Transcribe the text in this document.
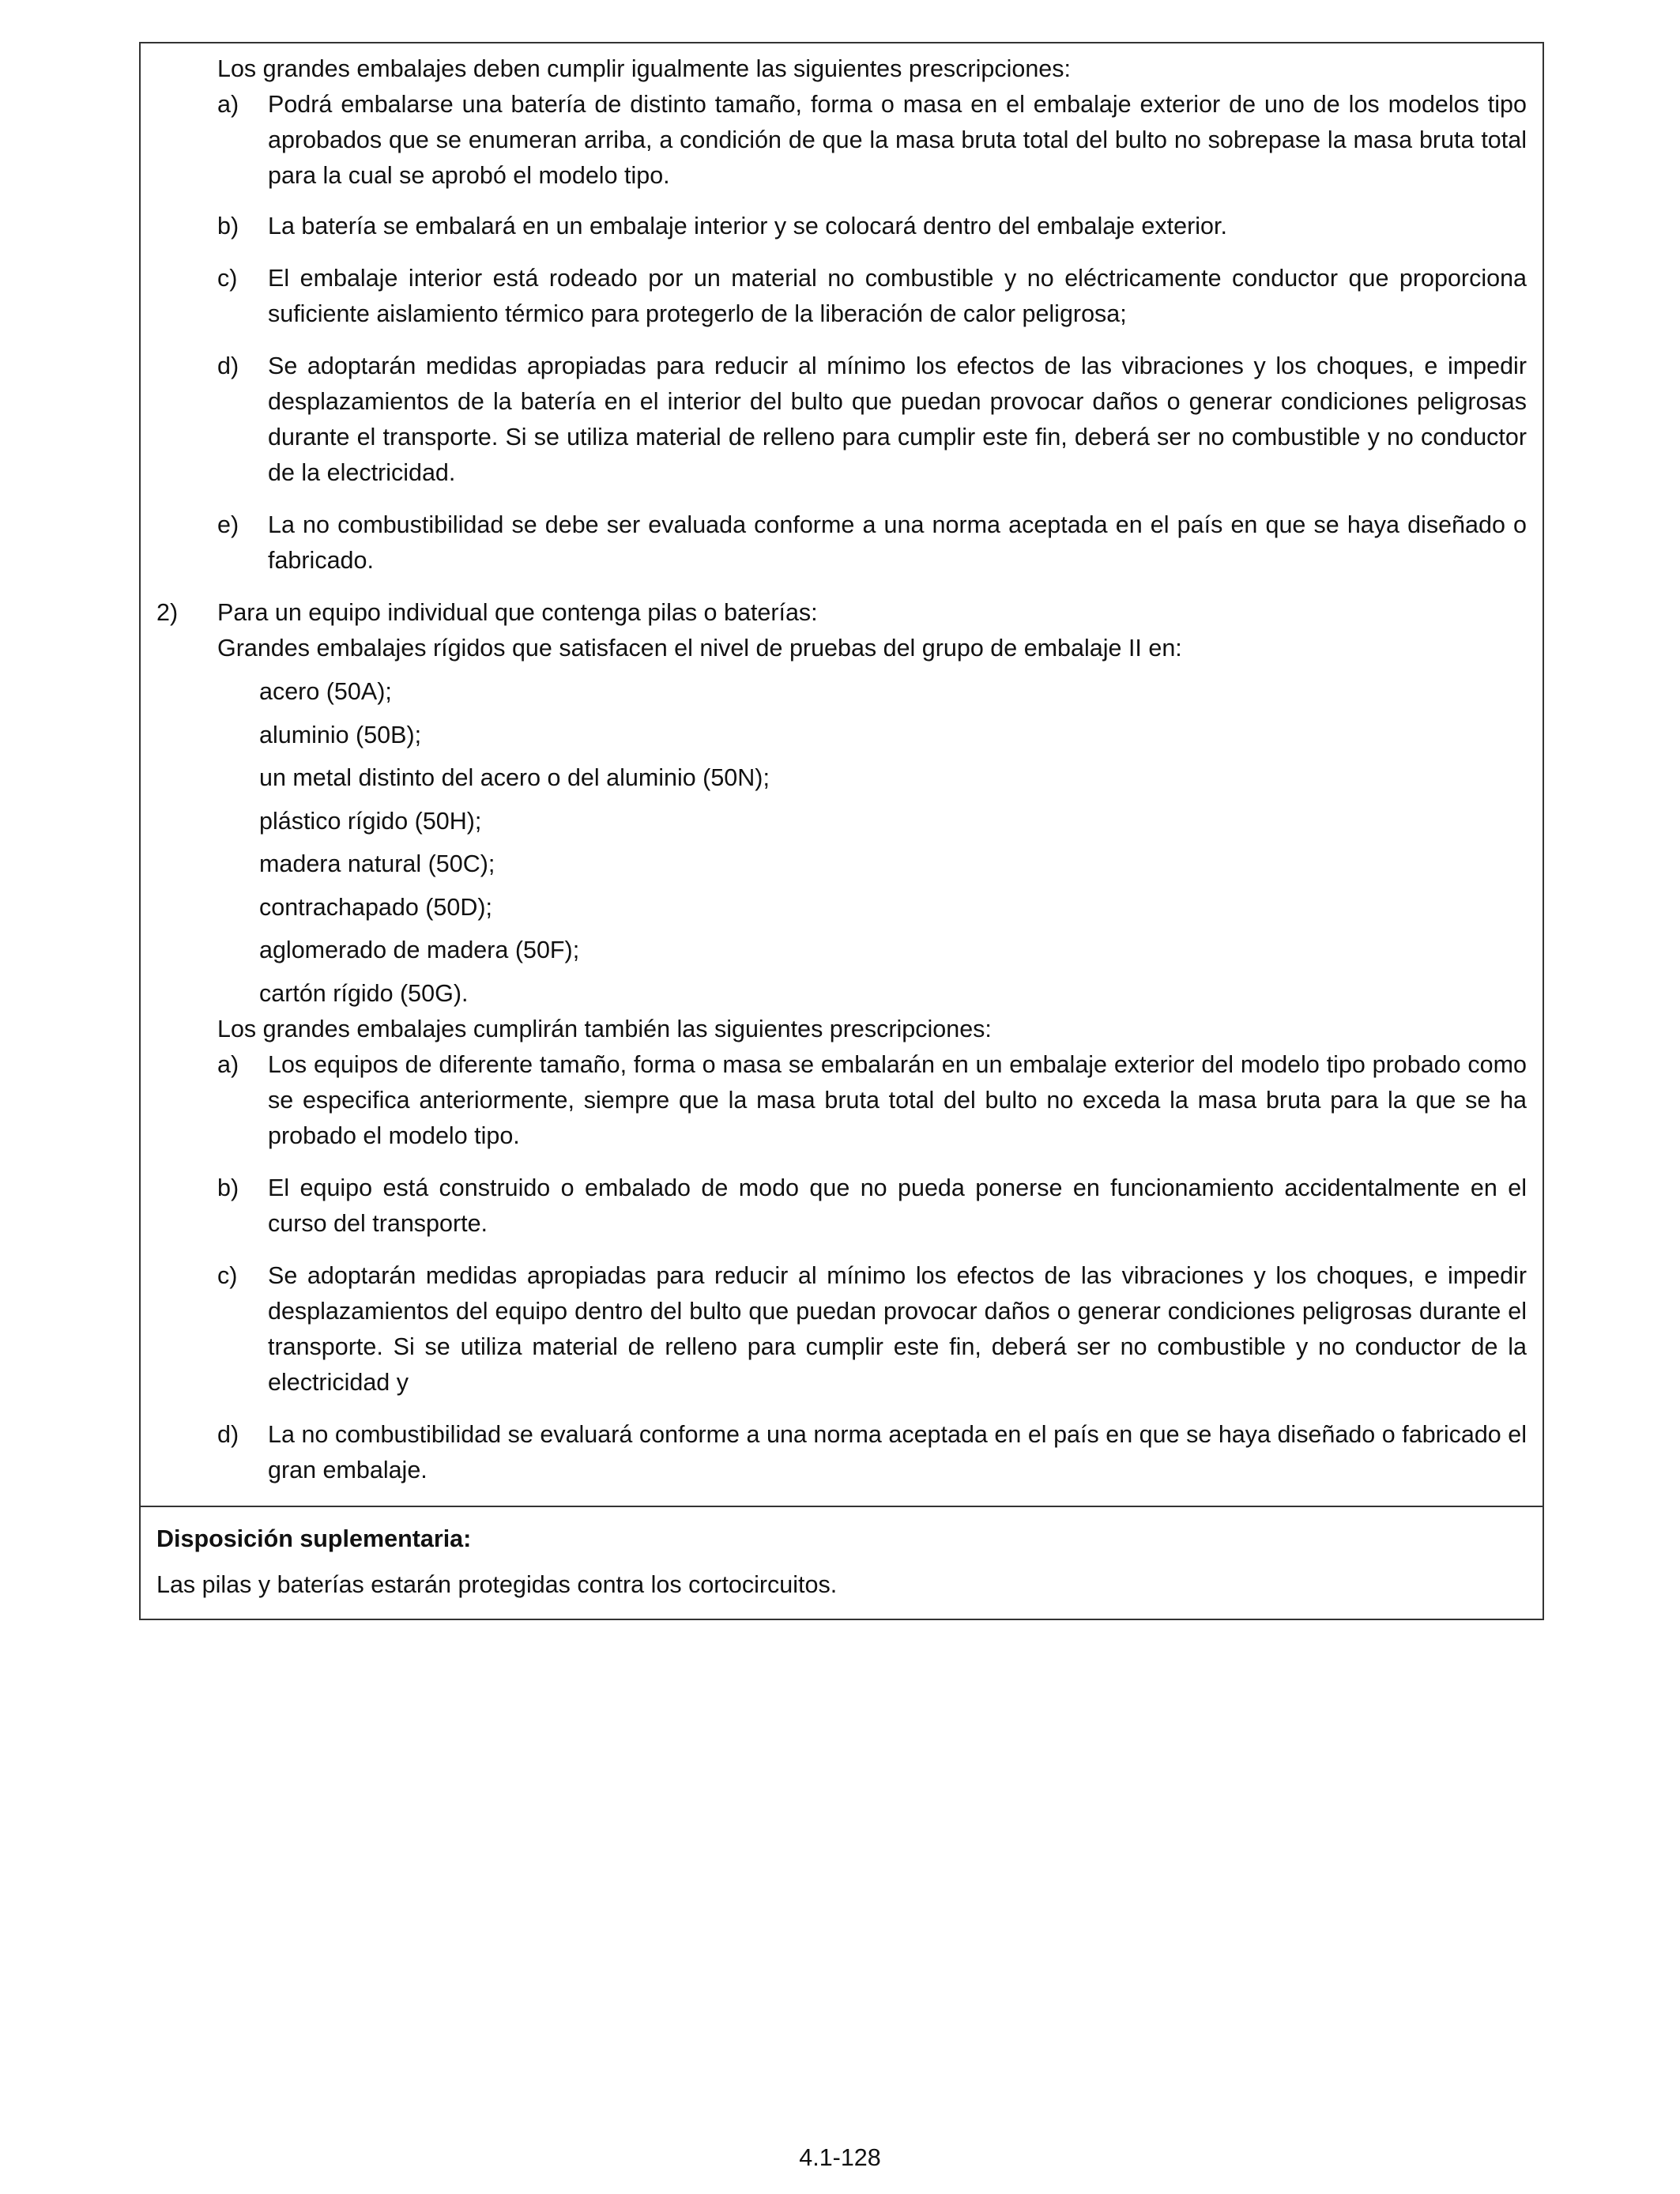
Los grandes embalajes deben cumplir igualmente las siguientes prescripciones:

a)	Podrá embalarse una batería de distinto tamaño, forma o masa en el embalaje exterior de uno de los modelos tipo aprobados que se enumeran arriba, a condición de que la masa bruta total del bulto no sobrepase la masa bruta total para la cual se aprobó el modelo tipo.
b)	La batería se embalará en un embalaje interior y se colocará dentro del embalaje exterior.
c)	El embalaje interior está rodeado por un material no combustible y no eléctricamente conductor que proporciona suficiente aislamiento térmico para protegerlo de la liberación de calor peligrosa;
d)	Se adoptarán medidas apropiadas para reducir al mínimo los efectos de las vibraciones y los choques, e impedir desplazamientos de la batería en el interior del bulto que puedan provocar daños o generar condiciones peligrosas durante el transporte. Si se utiliza material de relleno para cumplir este fin, deberá ser no combustible y no conductor de la electricidad.
e)	La no combustibilidad se debe ser evaluada conforme a una norma aceptada en el país en que se haya diseñado o fabricado.
2)	Para un equipo individual que contenga pilas o baterías:

Grandes embalajes rígidos que satisfacen el nivel de pruebas del grupo de embalaje II en:

acero (50A);
aluminio (50B);
un metal distinto del acero o del aluminio (50N);
plástico rígido (50H);
madera natural (50C);
contrachapado (50D);
aglomerado de madera (50F);
cartón rígido (50G).

Los grandes embalajes cumplirán también las siguientes prescripciones:

a)	Los equipos de diferente tamaño, forma o masa se embalarán en un embalaje exterior del modelo tipo probado como se especifica anteriormente, siempre que la masa bruta total del bulto no exceda la masa bruta para la que se ha probado el modelo tipo.
b)	El equipo está construido o embalado de modo que no pueda ponerse en funcionamiento accidentalmente en el curso del transporte.
c)	Se adoptarán medidas apropiadas para reducir al mínimo los efectos de las vibraciones y los choques, e impedir desplazamientos del equipo dentro del bulto que puedan provocar daños o generar condiciones peligrosas durante el transporte. Si se utiliza material de relleno para cumplir este fin, deberá ser no combustible y no conductor de la electricidad y
d)	La no combustibilidad se evaluará conforme a una norma aceptada en el país en que se haya diseñado o fabricado el gran embalaje.
Disposición suplementaria:
Las pilas y baterías estarán protegidas contra los cortocircuitos.
4.1-128
